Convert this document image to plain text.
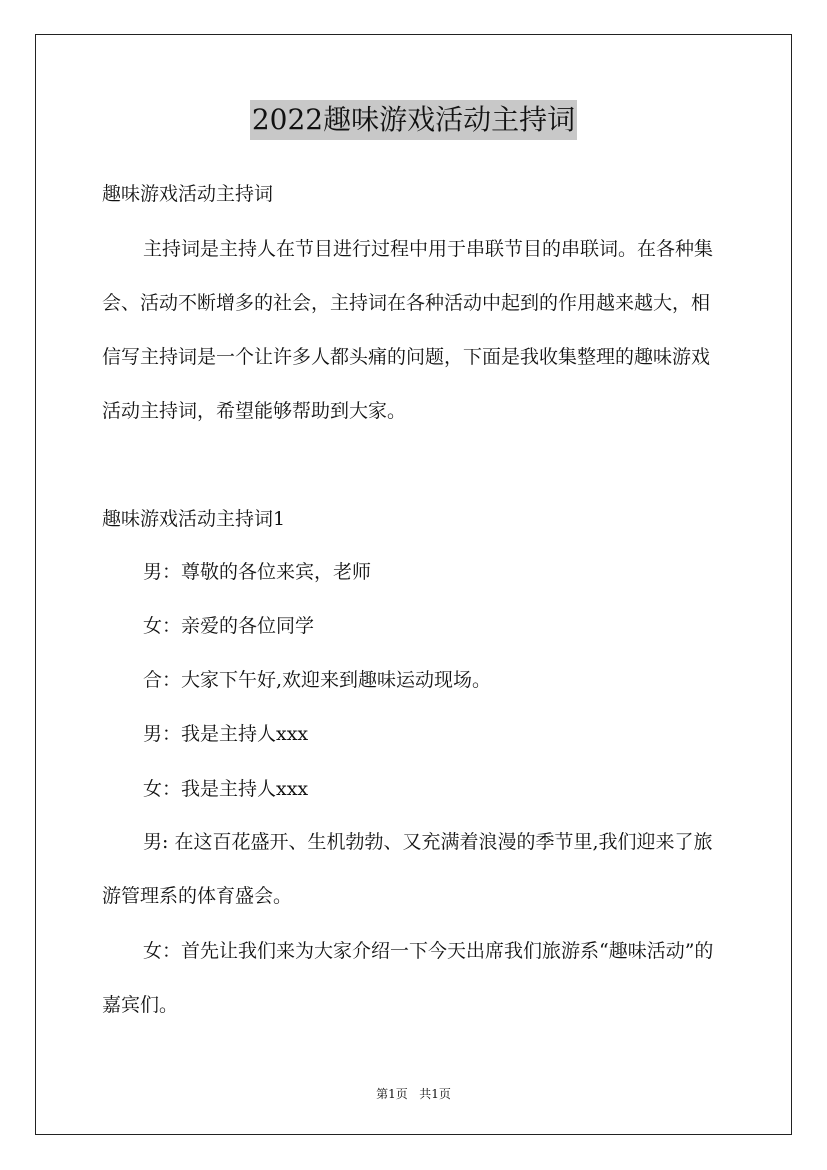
2022趣味游戏活动主持词

趣味游戏活动主持词

主持词是主持人在节目进行过程中用于串联节目的串联词。在各种集会、活动不断增多的社会，主持词在各种活动中起到的作用越来越大，相信写主持词是一个让许多人都头痛的问题，下面是我收集整理的趣味游戏活动主持词，希望能够帮助到大家。

趣味游戏活动主持词1

男：尊敬的各位来宾，老师

女：亲爱的各位同学

合：大家下午好,欢迎来到趣味运动现场。

男：我是主持人xxx

女：我是主持人xxx

男: 在这百花盛开、生机勃勃、又充满着浪漫的季节里,我们迎来了旅游管理系的体育盛会。

女：首先让我们来为大家介绍一下今天出席我们旅游系“趣味活动”的嘉宾们。

第1页 共1页
